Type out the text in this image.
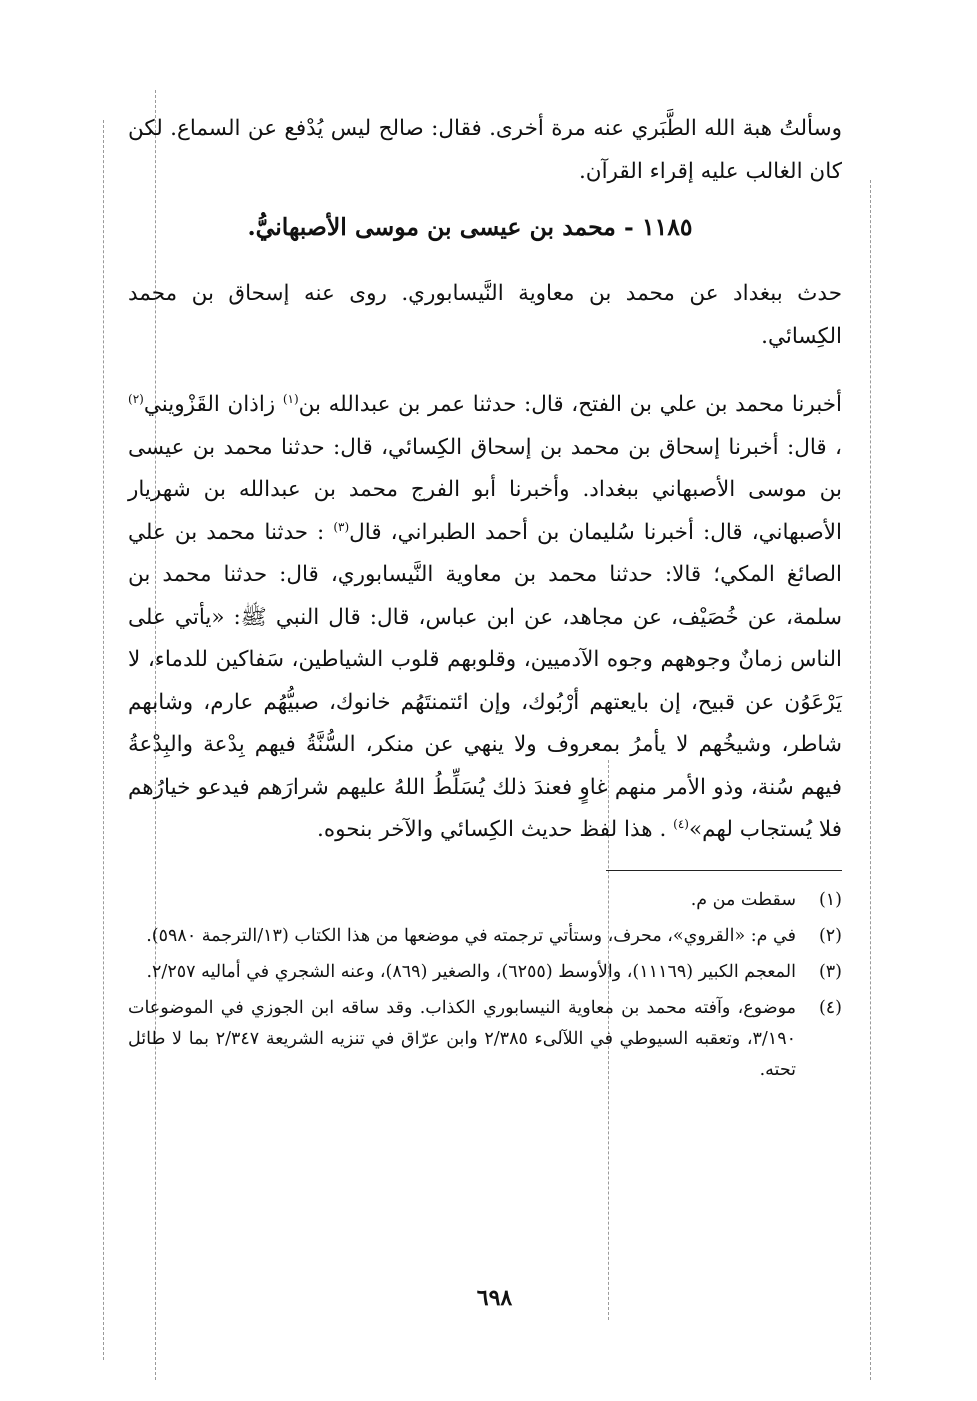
وسألتُ هبة الله الطَّبَري عنه مرة أخرى. فقال: صالح ليس يُدْفع عن السماع. لكن كان الغالب عليه إقراء القرآن.

١١٨٥ - محمد بن عيسى بن موسى الأصبهانيُّ.

حدث ببغداد عن محمد بن معاوية النَّيسابوري. روى عنه إسحاق بن محمد الكِسائي.

أخبرنا محمد بن علي بن الفتح، قال: حدثنا عمر بن عبدالله بن$^{(١)}$ زاذان القَزْويني$^{(٢)}$ ، قال: أخبرنا إسحاق بن محمد بن إسحاق الكِسائي، قال: حدثنا محمد بن عيسى بن موسى الأصبهاني ببغداد. وأخبرنا أبو الفرج محمد بن عبدالله بن شهريار الأصبهاني، قال: أخبرنا سُليمان بن أحمد الطبراني، قال$^{(٣)}$ : حدثنا محمد بن علي الصائغ المكي؛ قالا: حدثنا محمد بن معاوية النَّيسابوري، قال: حدثنا محمد بن سلمة، عن خُصَيْف، عن مجاهد، عن ابن عباس، قال: قال النبي ﷺ: «يأتي على الناس زمانٌ وجوههم وجوه الآدميين، وقلوبهم قلوب الشياطين، سَفاكين للدماء، لا يَرْعَوُن عن قبيح، إن بايعتهم أرْبُوك، وإن ائتمنتَهُم خانوك، صبيُّهُم عارم، وشابهم شاطر، وشيخُهم لا يأمرُ بمعروف ولا ينهي عن منكر، السُّنَّةُ فيهم بِدْعة والبِدْعةُ فيهم سُنة، وذو الأمر منهم غاوٍ فعندَ ذلك يُسَلِّطُ اللهُ عليهم شرارَهم فيدعو خيارُهم فلا يُستجاب لهم»$^{(٤)}$ . هذا لفظ حديث الكِسائي والآخر بنحوه.

(١)
سقطت من م.
(٢)
في م: «القروي»، محرف، وستأتي ترجمته في موضعها من هذا الكتاب (١٣/الترجمة ٥٩٨٠).
(٣)
المعجم الكبير (١١١٦٩)، والأوسط (٦٢٥٥)، والصغير (٨٦٩)، وعنه الشجري في أماليه ٢/٢٥٧.
(٤)
موضوع، وآفته محمد بن معاوية النيسابوري الكذاب. وقد ساقه ابن الجوزي في الموضوعات ٣/١٩٠، وتعقبه السيوطي في اللآلىء ٢/٣٨٥ وابن عرّاق في تنزيه الشريعة ٢/٣٤٧ بما لا طائل تحته.
٦٩٨
